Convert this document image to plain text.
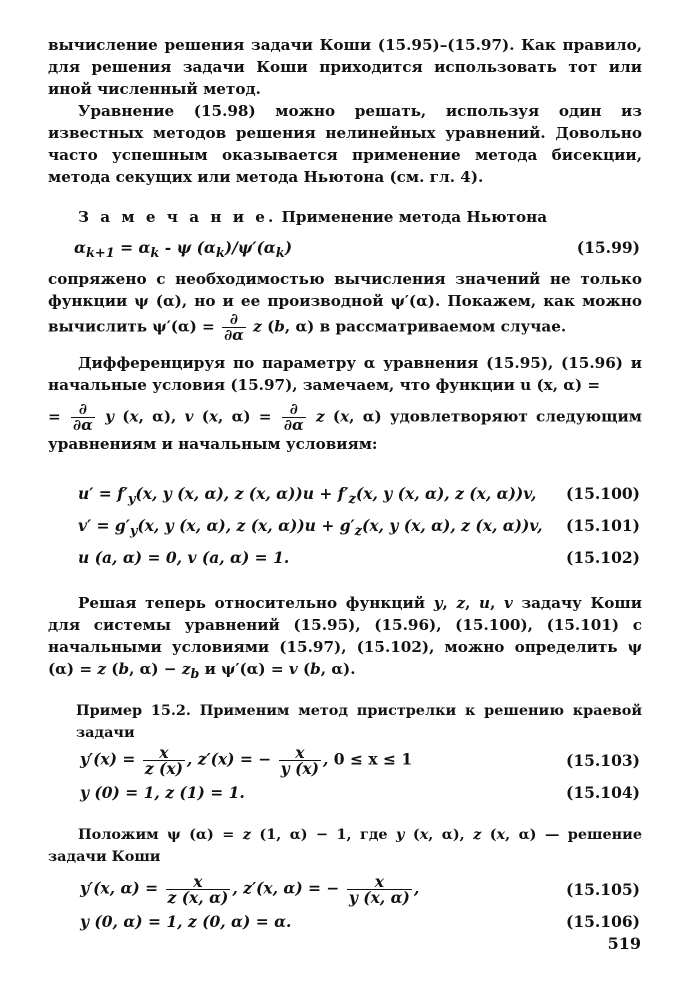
вычисление решения задачи Коши (15.95)–(15.97). Как правило, для решения задачи Коши приходится использовать тот или иной численный метод.
Уравнение (15.98) можно решать, используя один из известных методов решения нелинейных уравнений. Довольно часто успешным оказывается применение метода бисекции, метода секущих или метода Ньютона (см. гл. 4).
З а м е ч а н и е. Применение метода Ньютона
$\alpha_{k+1} = \alpha_k - \psi$ $(\alpha_k)/\psi'(\alpha_k)$	(15.99)
сопряжено с необходимостью вычисления значений не только функции ψ (α), но и ее производной ψ′(α). Покажем, как можно вычислить $\psi'(\alpha) = \frac{\partial}{\partial\alpha}$ z (b, α) в рассматриваемом случае.
Дифференцируя по параметру α уравнения (15.95), (15.96) и начальные условия (15.97), замечаем, что функции u (x, α) =
= $\frac{\partial}{\partial\alpha}$ y (x, α), v (x, $\alpha) = \frac{\partial}{\partial\alpha}$ z (x, α) удовлетворяют следующим уравнениям и начальным условиям:
$u' = f'_y(x$, y (x, α), z (x, $\alpha))u + f'_z(x$, y (x, α), z (x, α))v, (15.100)
$v' = g'_y(x$, y (x, α), z (x, $\alpha))u + g'_z(x$, y (x, α), z (x, α))v, (15.101)
u (a, α) = 0, v (a, α) = 1.	(15.102)
Решая теперь относительно функций y, z, u, v задачу Коши для системы уравнений (15.95), (15.96), (15.100), (15.101) с начальными условиями (15.97), (15.102), можно определить ψ (α) = z (b, $\alpha) - z_b$ и ψ′(α) = v (b, α).
Пример 15.2. Применим метод пристрелки к решению краевой задачи
$y'(x) = \frac{x}{z (x)}$ , z′(x) = − $\frac{x}{y (x)}$ , 0 ≤ x ≤ 1	(15.103)
y (0) = 1, z (1) = 1.	(15.104)
Положим ψ (α) = z (1, α) − 1, где y (x, α), z (x, α) — решение задачи Коши
y′(x, $\alpha) = \frac{x}{z (x, \alpha)}$ , z′(x, α) = − $\frac{x}{y (x, \alpha)}$ ,	(15.105)
y (0, α) = 1, z (0, α) = α.	(15.106)
519
